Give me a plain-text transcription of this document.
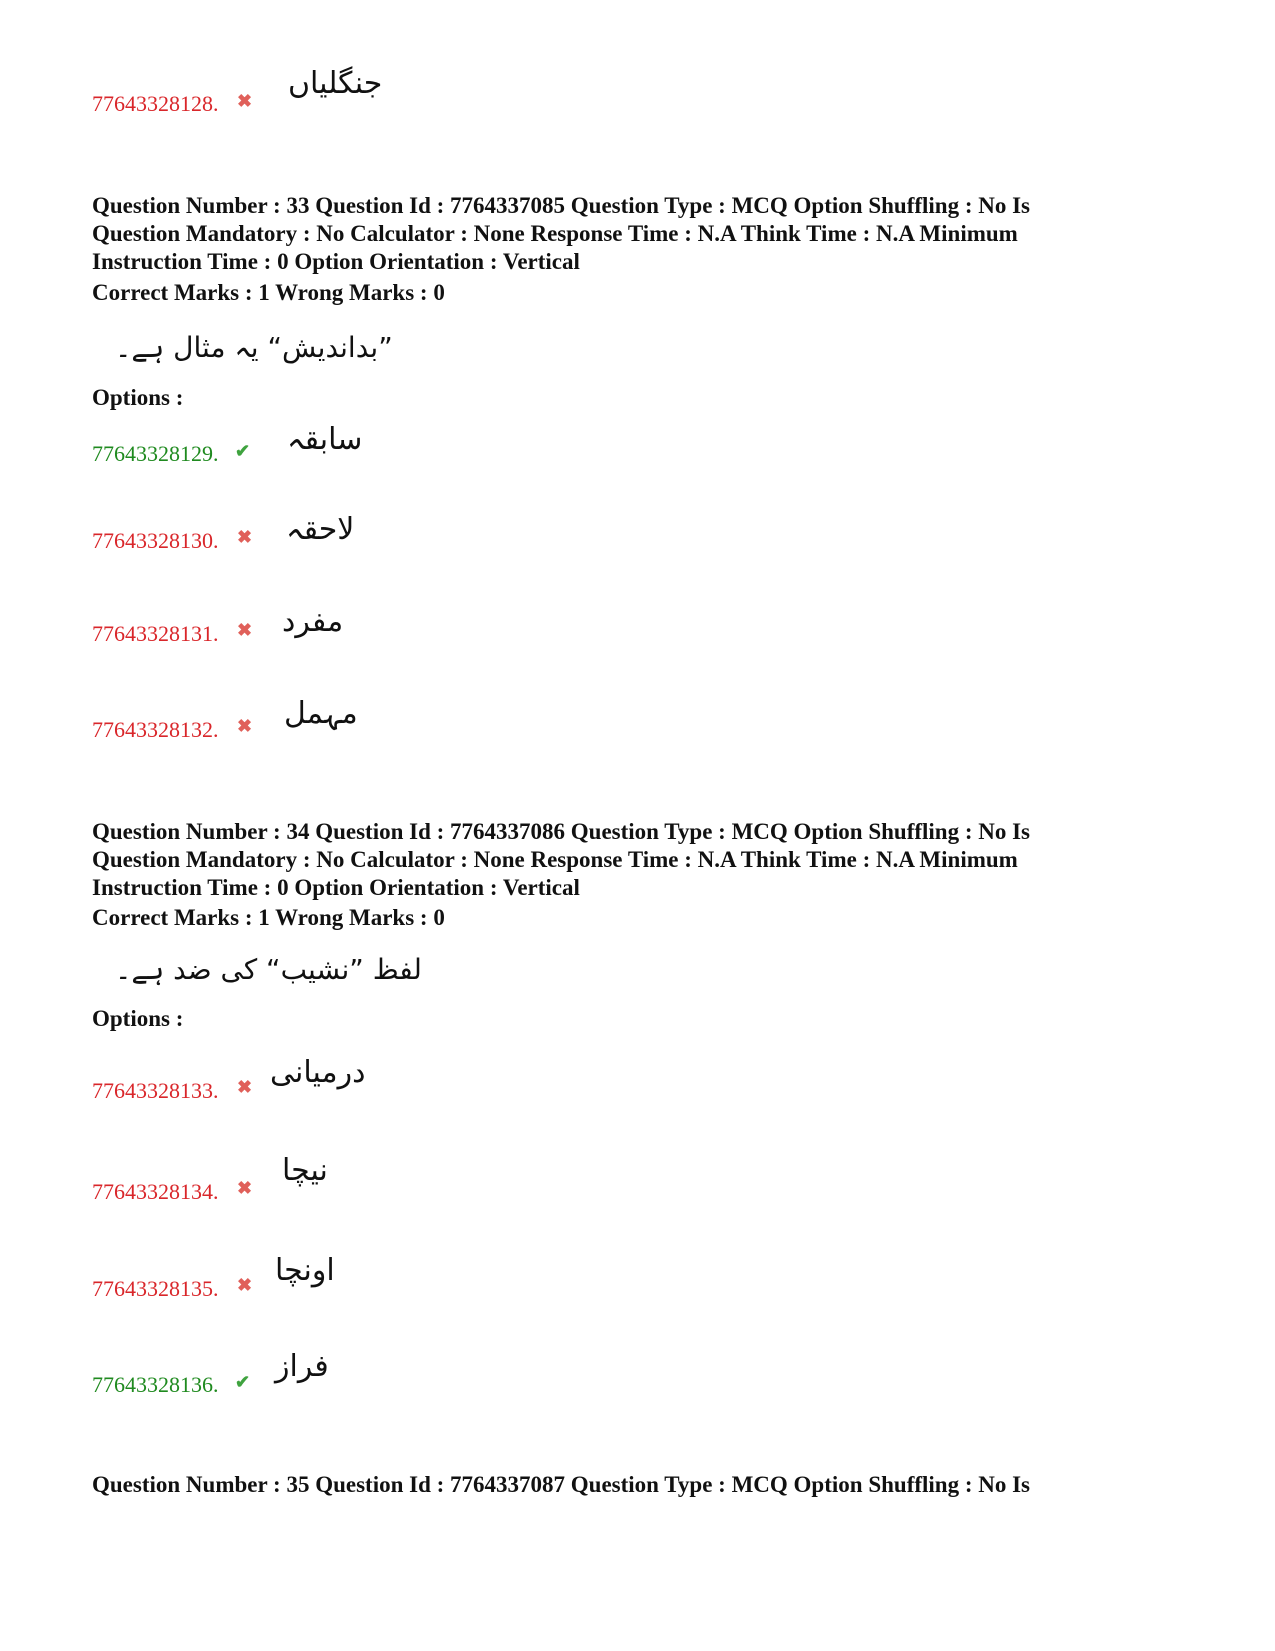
77643328128. ✖ جنگلیاں

Question Number : 33 Question Id : 7764337085 Question Type : MCQ Option Shuffling : No Is

Question Mandatory : No Calculator : None Response Time : N.A Think Time : N.A Minimum

Instruction Time : 0 Option Orientation : Vertical

Correct Marks : 1 Wrong Marks : 0
”بداندیش“ یہ مثال ہے۔
Options :
77643328129. ✔ سابقہ
77643328130. ✖ لاحقہ
77643328131. ✖ مفرد
77643328132. ✖ مہمل

Question Number : 34 Question Id : 7764337086 Question Type : MCQ Option Shuffling : No Is

Question Mandatory : No Calculator : None Response Time : N.A Think Time : N.A Minimum

Instruction Time : 0 Option Orientation : Vertical

Correct Marks : 1 Wrong Marks : 0
لفظ ”نشیب“ کی ضد ہے۔
Options :
77643328133. ✖ درمیانی
77643328134. ✖ نیچا
77643328135. ✖ اونچا
77643328136. ✔ فراز

Question Number : 35 Question Id : 7764337087 Question Type : MCQ Option Shuffling : No Is
